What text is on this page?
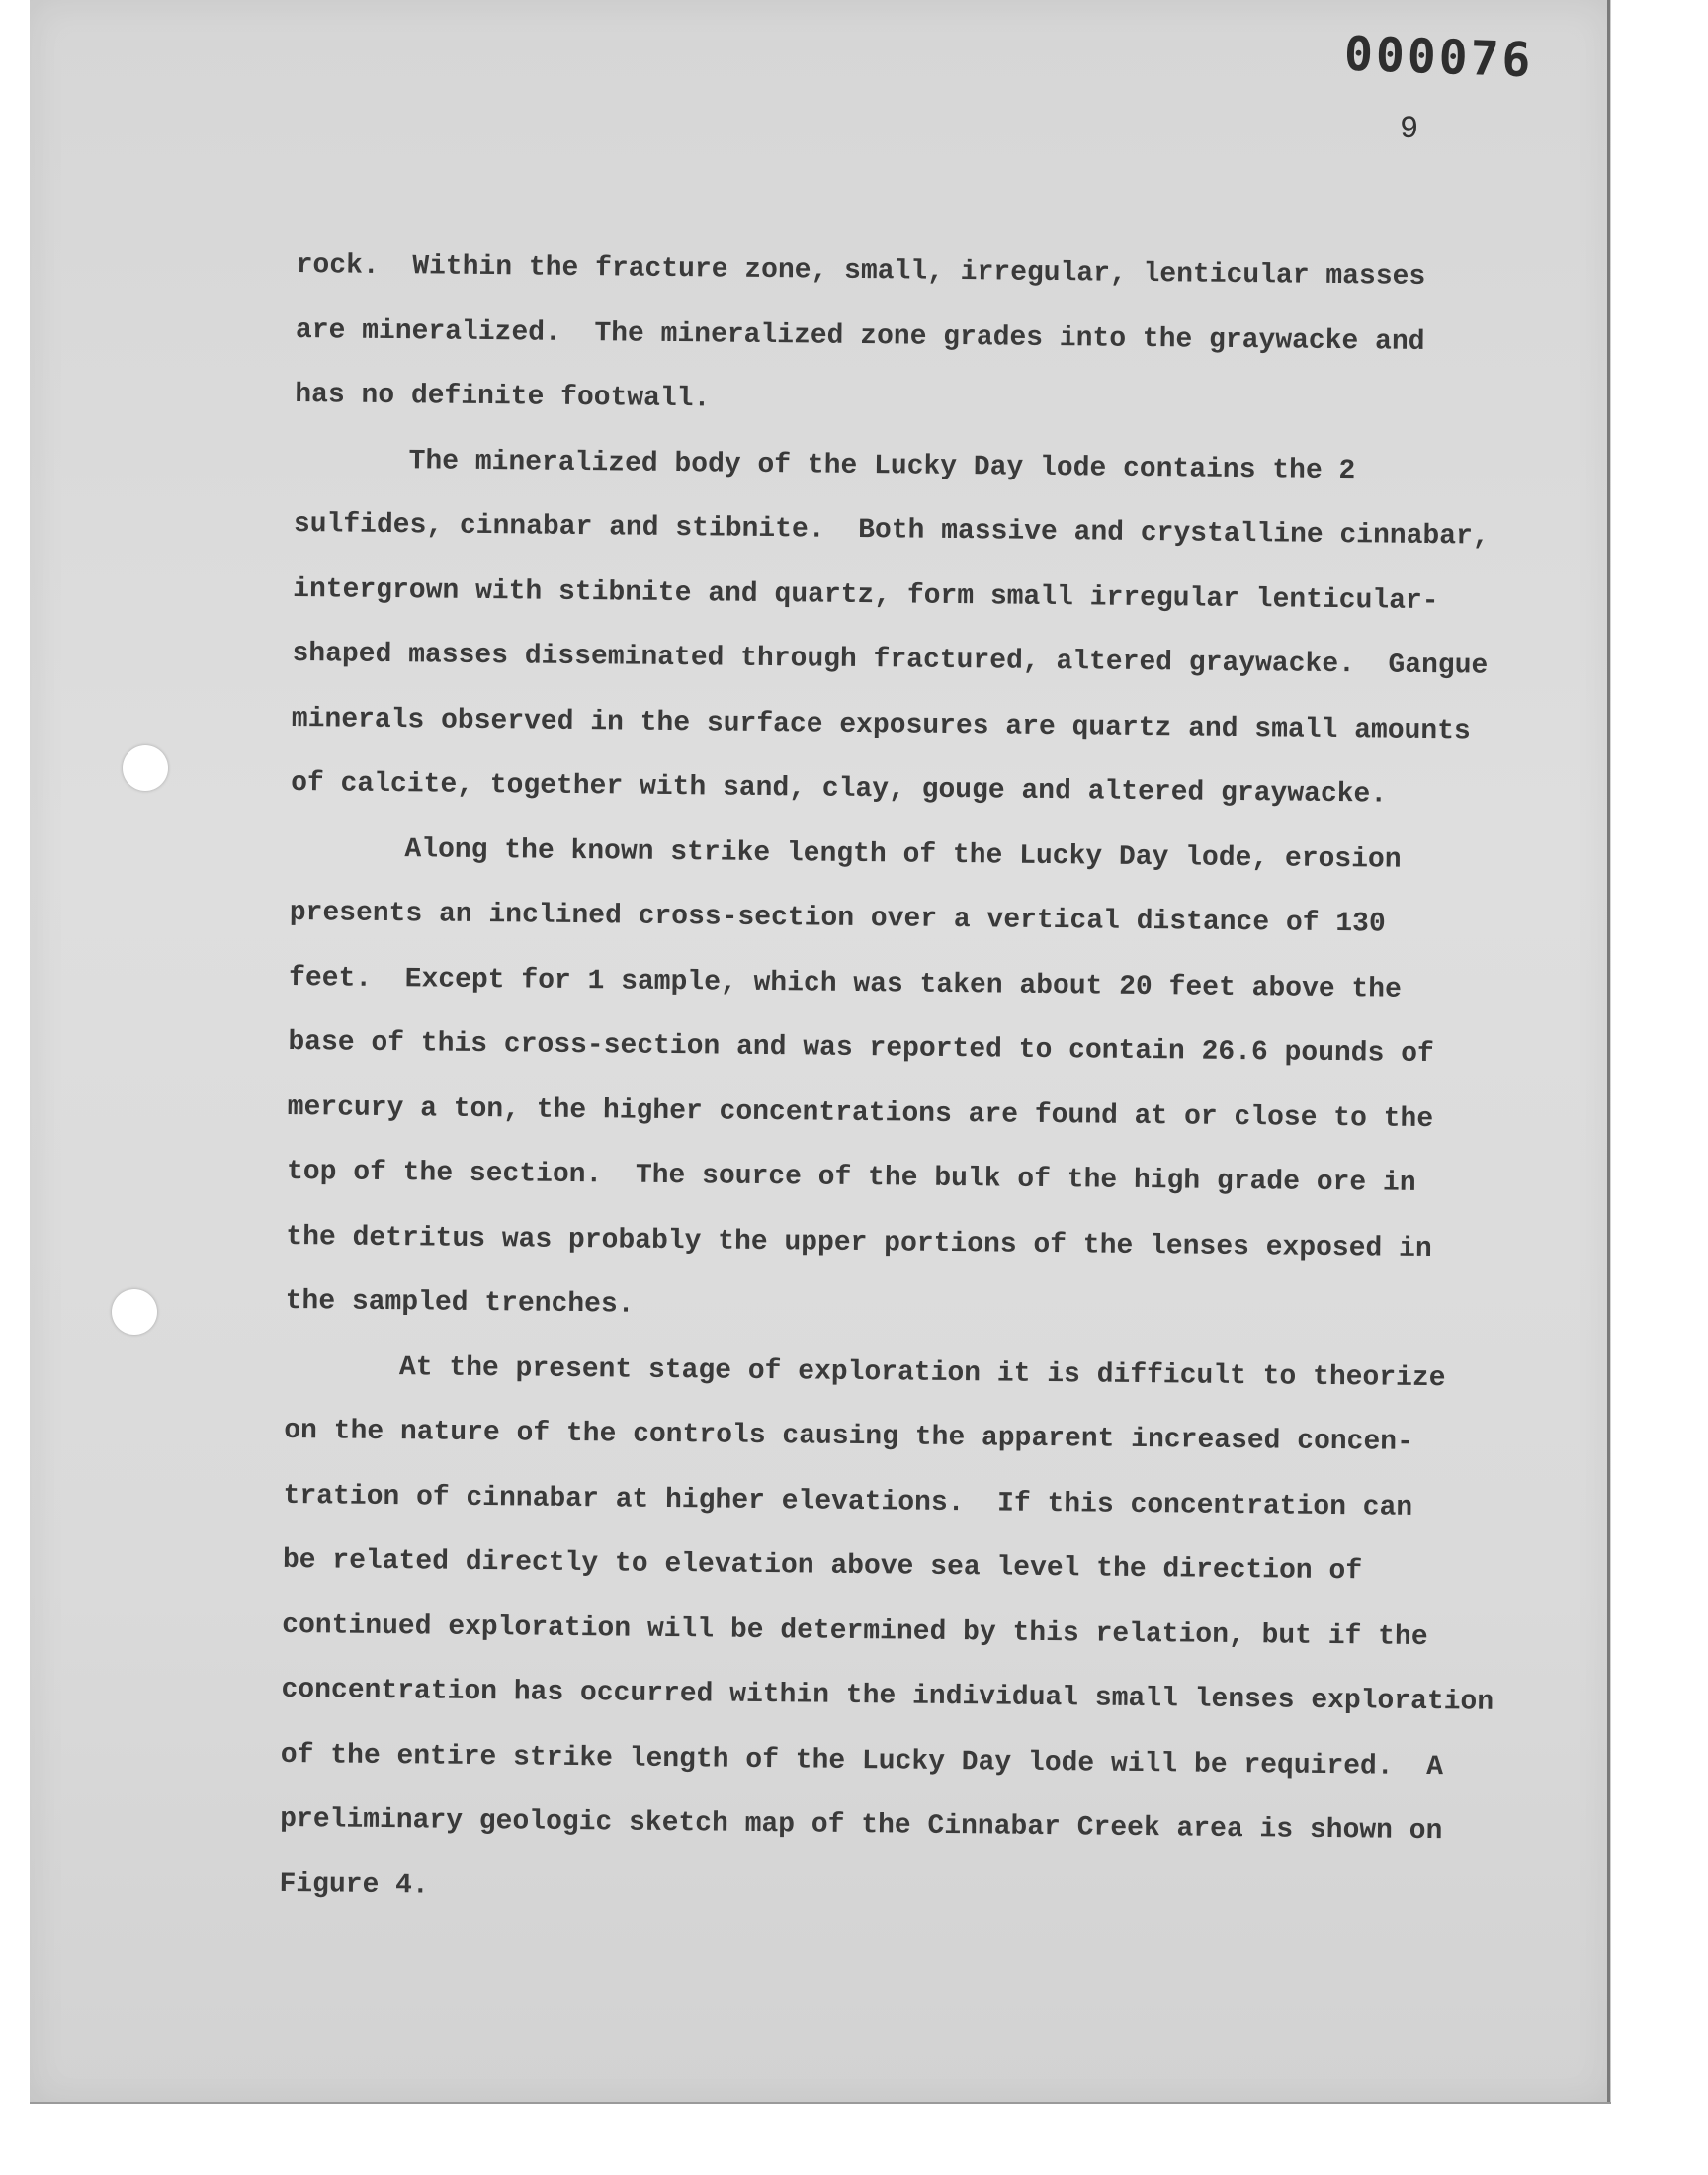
000076
9
rock.  Within the fracture zone, small, irregular, lenticular masses
are mineralized.  The mineralized zone grades into the graywacke and
has no definite footwall.
The mineralized body of the Lucky Day lode contains the 2
sulfides, cinnabar and stibnite.  Both massive and crystalline cinnabar,
intergrown with stibnite and quartz, form small irregular lenticular-
shaped masses disseminated through fractured, altered graywacke.  Gangue
minerals observed in the surface exposures are quartz and small amounts
of calcite, together with sand, clay, gouge and altered graywacke.
Along the known strike length of the Lucky Day lode, erosion
presents an inclined cross-section over a vertical distance of 130
feet.  Except for 1 sample, which was taken about 20 feet above the
base of this cross-section and was reported to contain 26.6 pounds of
mercury a ton, the higher concentrations are found at or close to the
top of the section.  The source of the bulk of the high grade ore in
the detritus was probably the upper portions of the lenses exposed in
the sampled trenches.
At the present stage of exploration it is difficult to theorize
on the nature of the controls causing the apparent increased concen-
tration of cinnabar at higher elevations.  If this concentration can
be related directly to elevation above sea level the direction of
continued exploration will be determined by this relation, but if the
concentration has occurred within the individual small lenses exploration
of the entire strike length of the Lucky Day lode will be required.  A
preliminary geologic sketch map of the Cinnabar Creek area is shown on
Figure 4.
